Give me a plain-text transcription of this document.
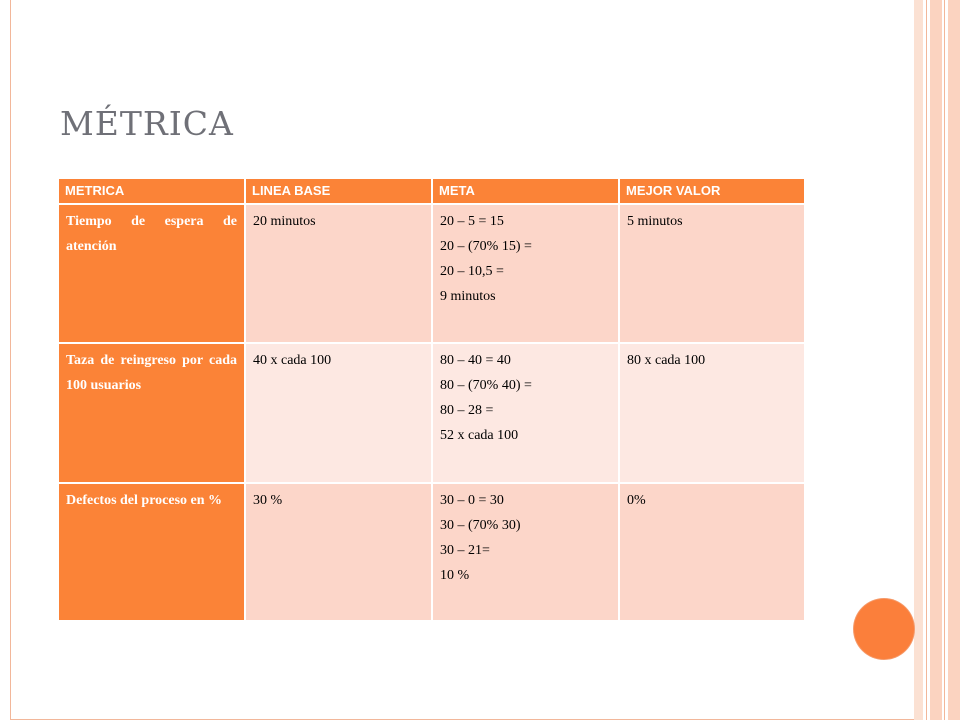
MÉTRICA
METRICA	LINEA BASE	META	MEJOR VALOR
Tiempo de espera de atención	20 minutos	20 – 5 = 15
20 – (70% 15) =
20 – 10,5 =
9 minutos	5 minutos
Taza de reingreso por cada 100 usuarios	40 x cada 100	80 – 40 = 40
80 – (70% 40) =
80 – 28 =
52 x cada 100	80 x cada 100
Defectos del proceso en %	30 %	30 – 0 = 30
30 – (70% 30)
30 – 21=
10 %	0%
